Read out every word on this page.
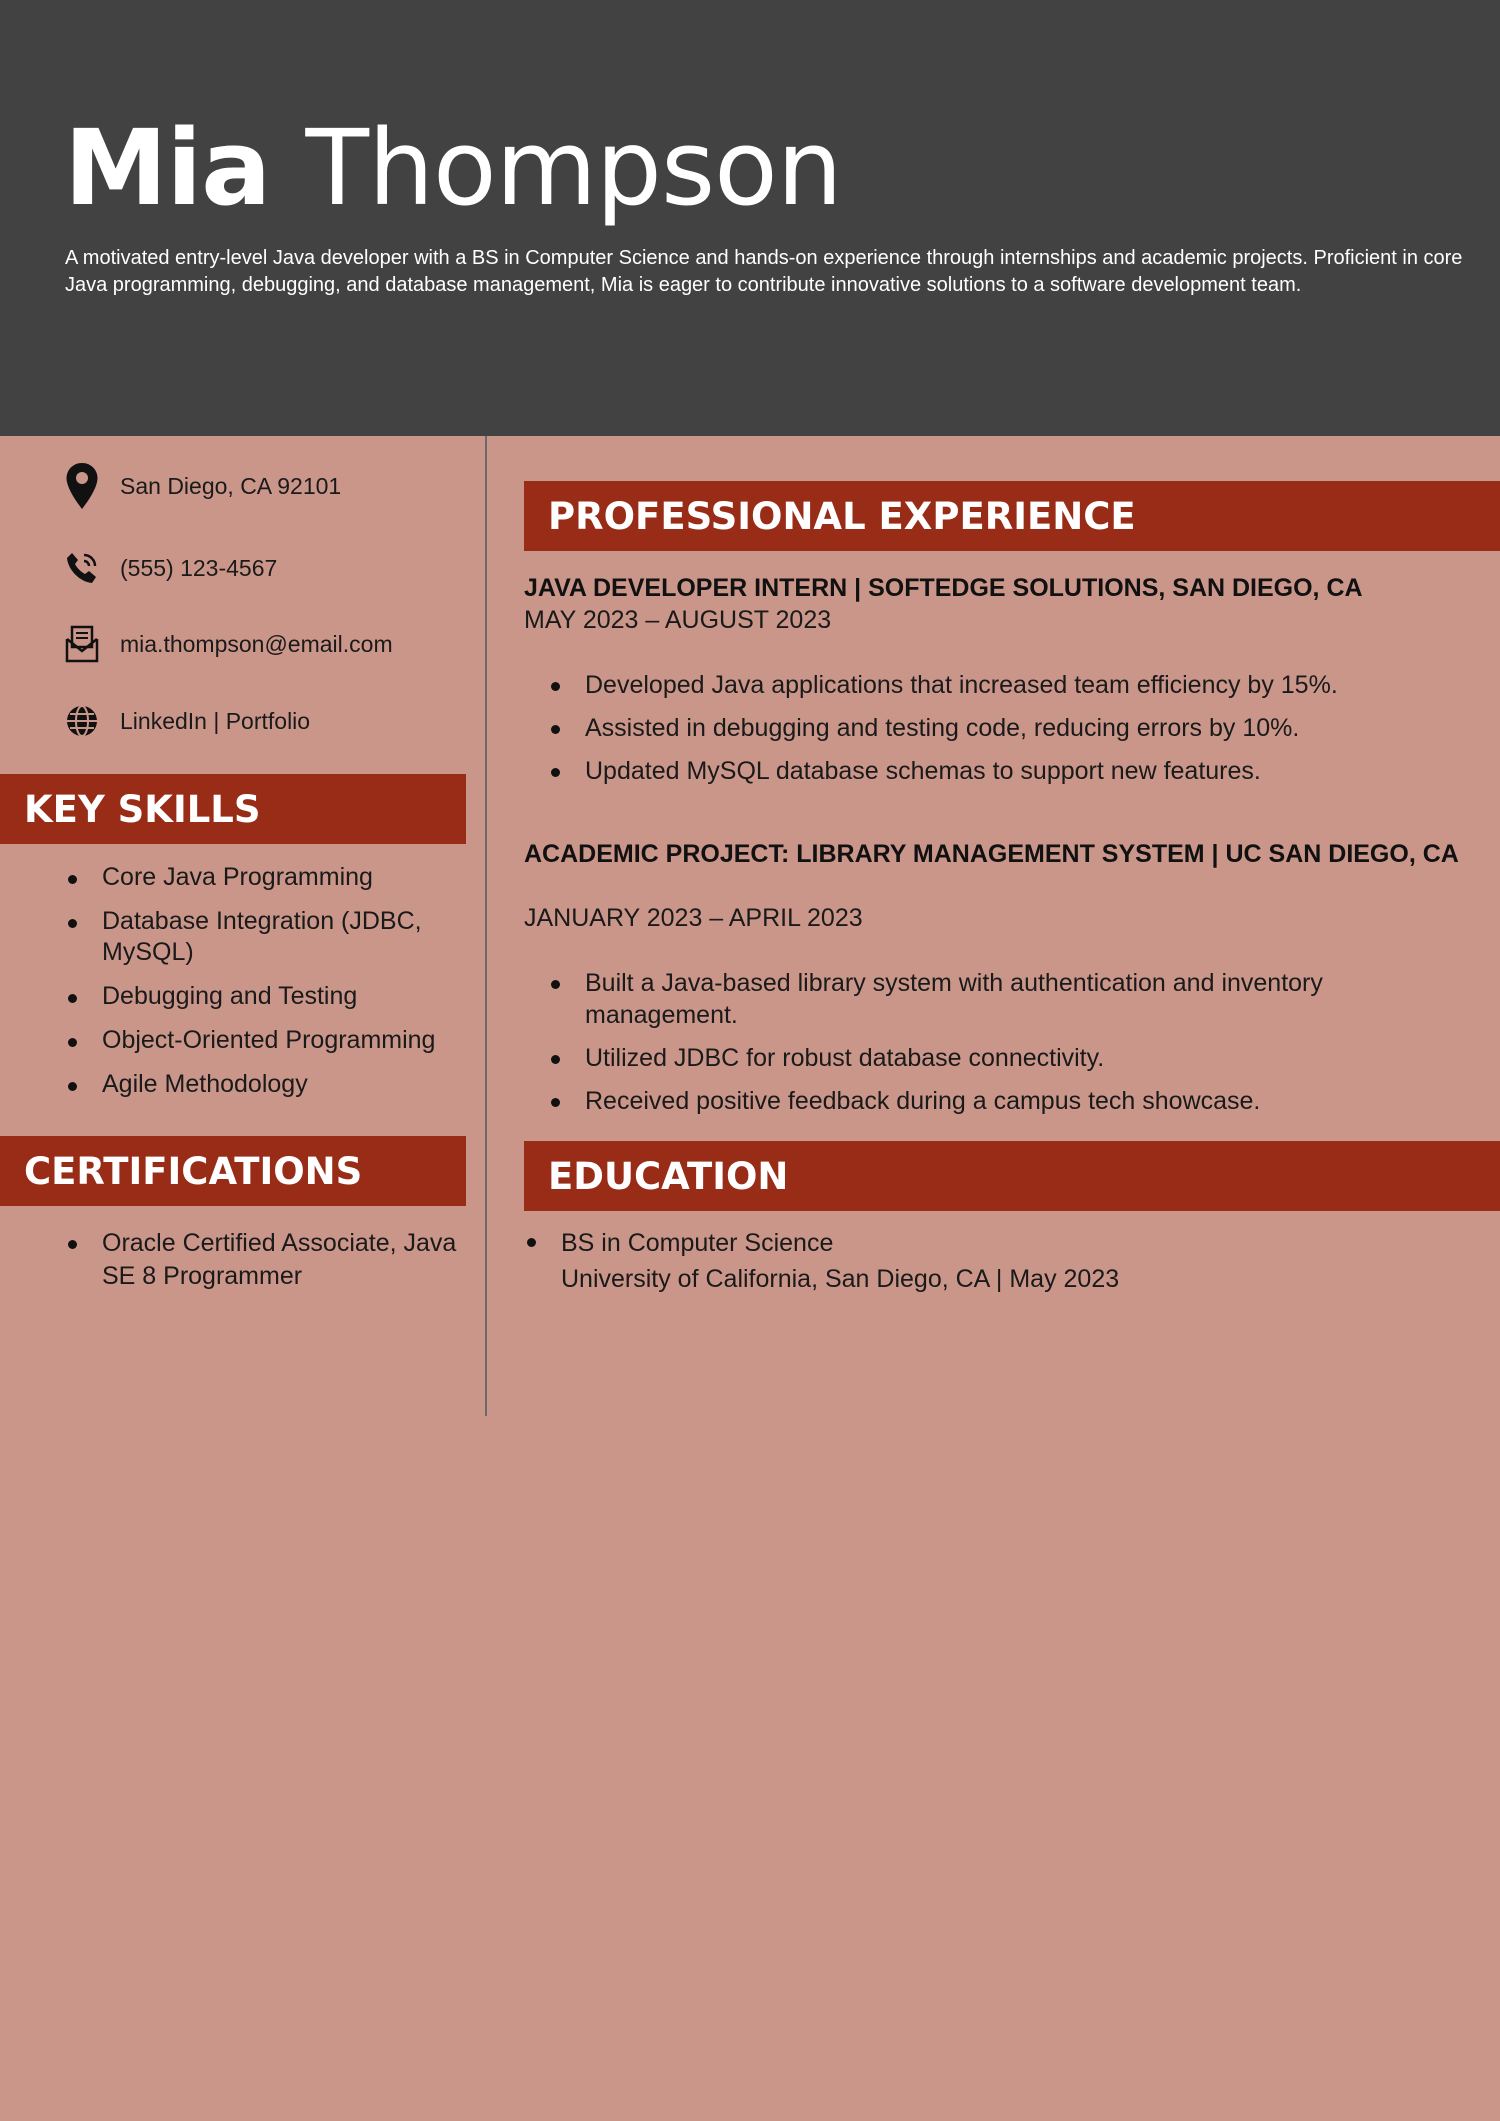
Mia Thompson

A motivated entry-level Java developer with a BS in Computer Science and hands-on experience through internships and academic projects. Proficient in core Java programming, debugging, and database management, Mia is eager to contribute innovative solutions to a software development team.

San Diego, CA 92101
(555) 123-4567
mia.thompson@email.com
LinkedIn | Portfolio
KEY SKILLS
Core Java Programming
Database Integration (JDBC, MySQL)
Debugging and Testing
Object-Oriented Programming
Agile Methodology
CERTIFICATIONS
Oracle Certified Associate, Java SE 8 Programmer
PROFESSIONAL EXPERIENCE

JAVA DEVELOPER INTERN | SOFTEDGE SOLUTIONS, SAN DIEGO, CA

MAY 2023 – AUGUST 2023

Developed Java applications that increased team efficiency by 15%.
Assisted in debugging and testing code, reducing errors by 10%.
Updated MySQL database schemas to support new features.

ACADEMIC PROJECT: LIBRARY MANAGEMENT SYSTEM | UC SAN DIEGO, CA

JANUARY 2023 – APRIL 2023

Built a Java-based library system with authentication and inventory management.
Utilized JDBC for robust database connectivity.
Received positive feedback during a campus tech showcase.
EDUCATION
BS in Computer Science
University of California, San Diego, CA | May 2023
